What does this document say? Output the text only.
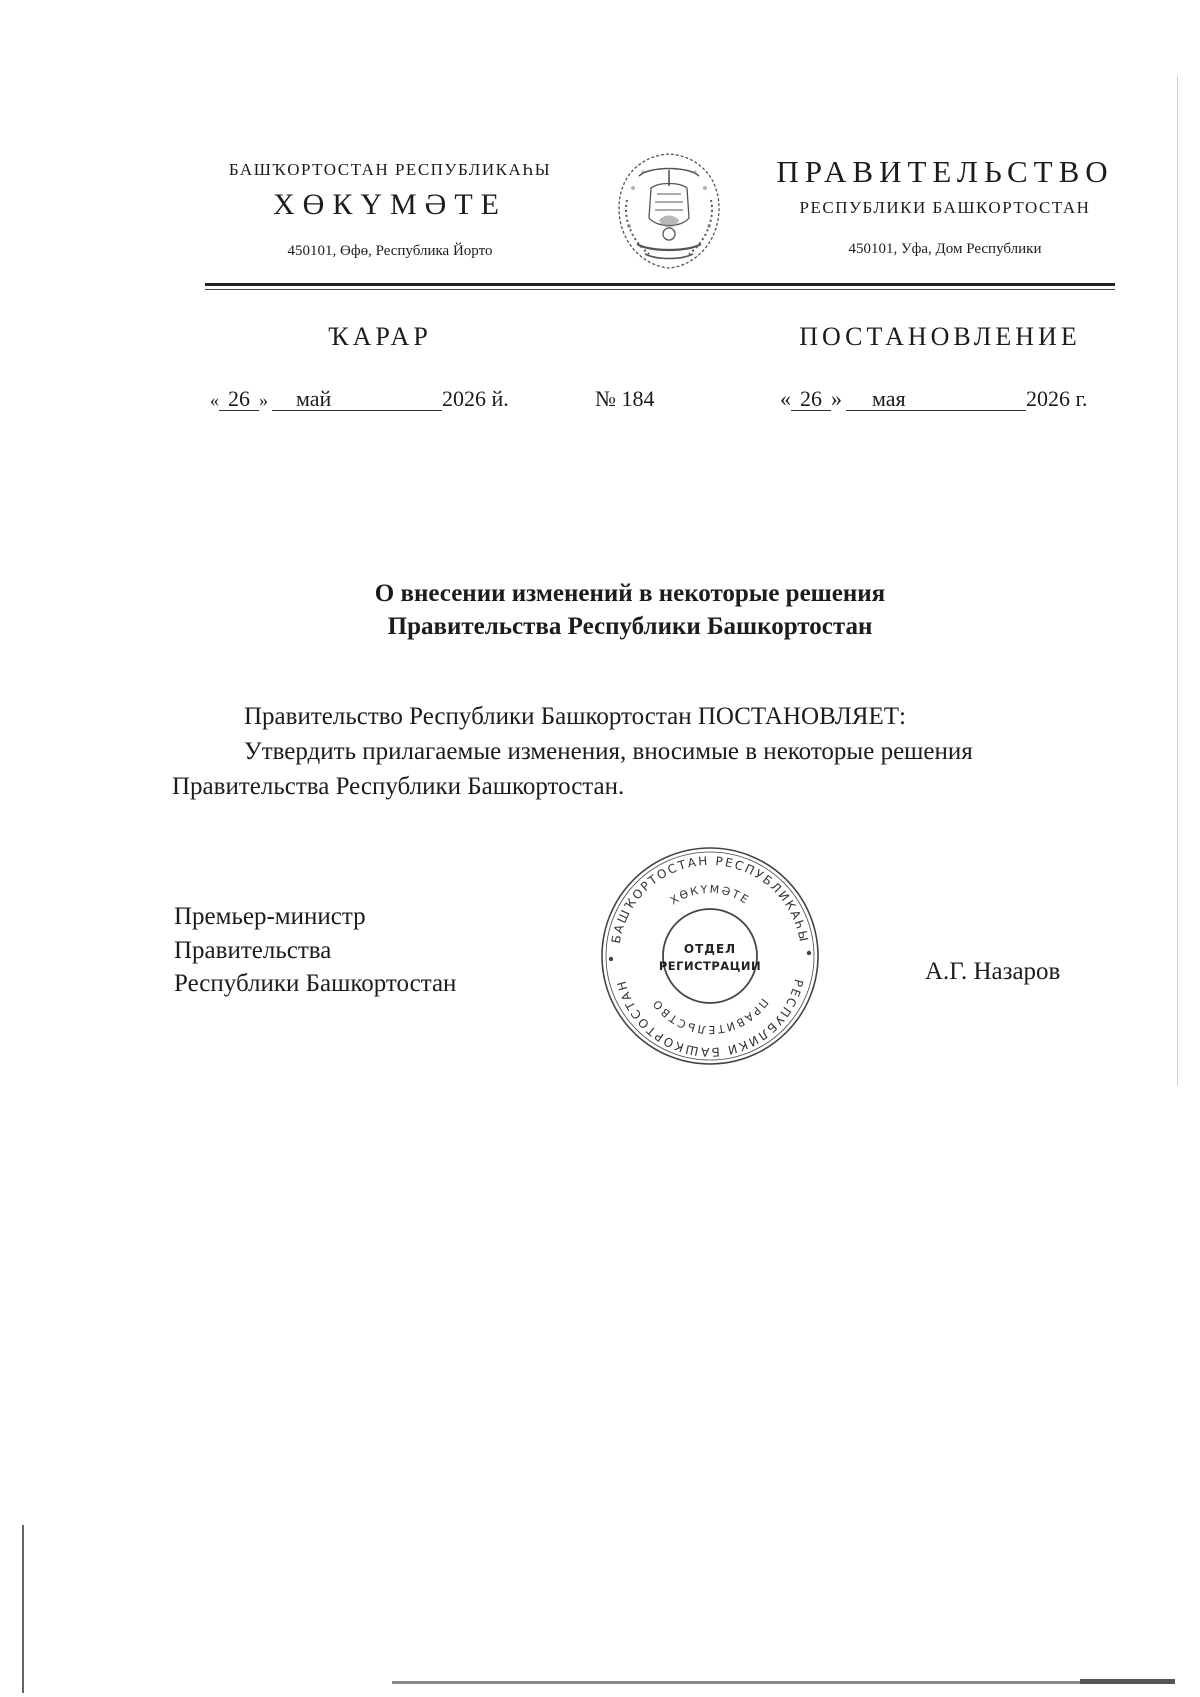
БАШҠОРТОСТАН РЕСПУБЛИКАҺЫ
ХӨКҮМӘТЕ
450101, Өфө, Республика Йорто
ПРАВИТЕЛЬСТВО
РЕСПУБЛИКИ БАШКОРТОСТАН
450101, Уфа, Дом Республики
ҠАРАР	ПОСТАНОВЛЕНИЕ
« 26 »	май	2026 й.	№ 184	« 26 »	мая	2026 г.
О внесении изменений в некоторые решения
Правительства Республики Башкортостан
Правительство Республики Башкортостан ПОСТАНОВЛЯЕТ:
Утвердить прилагаемые изменения, вносимые в некоторые решения
Правительства Республики Башкортостан.
Премьер-министр
Правительства
Республики Башкортостан	А.Г. Назаров
БАШҠОРТОСТАН РЕСПУБЛИКАҺЫ
ХӨКҮМӘТЕ
РЕСПУБЛИКИ БАШКОРТОСТАН
ПРАВИТЕЛЬСТВО
ОТДЕЛ
РЕГИСТРАЦИИ
